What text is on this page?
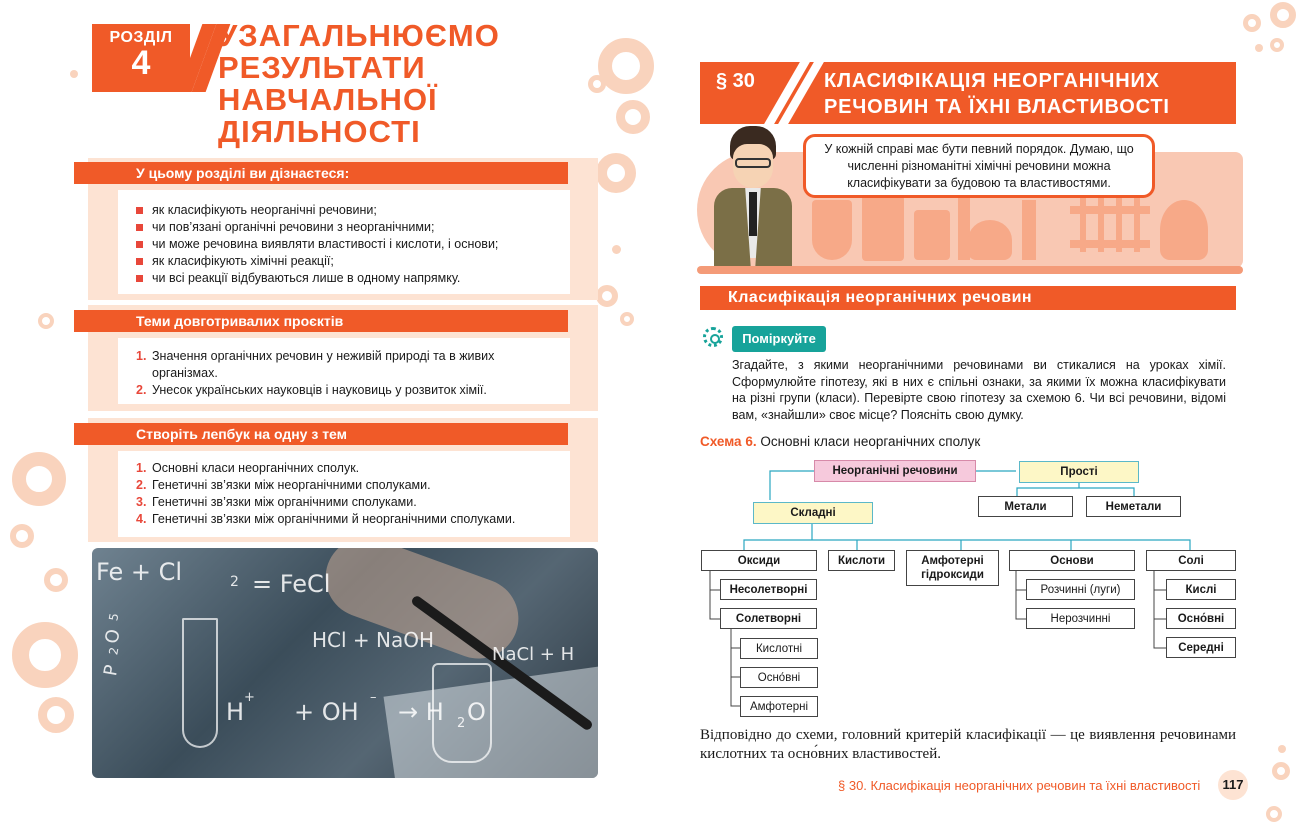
РОЗДІЛ
4
УЗАГАЛЬНЮЄМО РЕЗУЛЬТАТИ НАВЧАЛЬНОЇ ДІЯЛЬНОСТІ
У цьому розділі ви дізнаєтеся:
як класифікують неорганічні речовини;
чи пов’язані органічні речовини з неорганічними;
чи може речовина виявляти властивості і кислоти, і основи;
як класифікують хімічні реакції;
чи всі реакції відбуваються лише в одному напрямку.
Теми довготривалих проєктів
1. Значення органічних речовин у неживій природі та в живих організмах.
2. Унесок українських науковців і науковиць у розвиток хімії.
Створіть лепбук на одну з тем
1. Основні класи неорганічних сполук.
2. Генетичні зв’язки між неорганічними сполуками.
3. Генетичні зв’язки між органічними сполуками.
4. Генетичні зв’язки між органічними й неорганічними сполуками.
Fe + Cl	2 = FeCl
HCl + NaOH
NaCl + H
P
2
O
5
H
+
+ OH
–
→ H 2 O
§ 30	КЛАСИФІКАЦІЯ НЕОРГАНІЧНИХ
РЕЧОВИН ТА ЇХНІ ВЛАСТИВОСТІ
У кожній справі має бути певний порядок. Думаю, що численні різноманітні хімічні речовини можна класифікувати за будовою та властивостями.
Класифікація неорганічних речовин
Поміркуйте
Згадайте, з якими неорганічними речовинами ви стикалися на уроках хімії. Сформулюйте гіпотезу, які в них є спільні ознаки, за якими їх можна класифікувати на різні групи (класи). Перевірте свою гіпотезу за схемою 6. Чи всі речовини, відомі вам, «знайшли» своє місце? Поясніть свою думку.
Схема 6. Основні класи неорганічних сполук
Неорганічні речовини	Прості
Метали	Неметали
Складні
Оксиди	Кислоти	Амфотерні
гідроксиди
Основи	Солі
Несолетворні
Солетворні
Кислотні
Осно́вні
Амфотерні
Розчинні (луги)
Нерозчинні
Кислі
Осно́вні
Середні
Відповідно до схеми, головний критерій класифікації — це виявлення речовинами кислотних та осно́вних властивостей.
§ 30. Класифікація неорганічних речовин та їхні властивості	117
